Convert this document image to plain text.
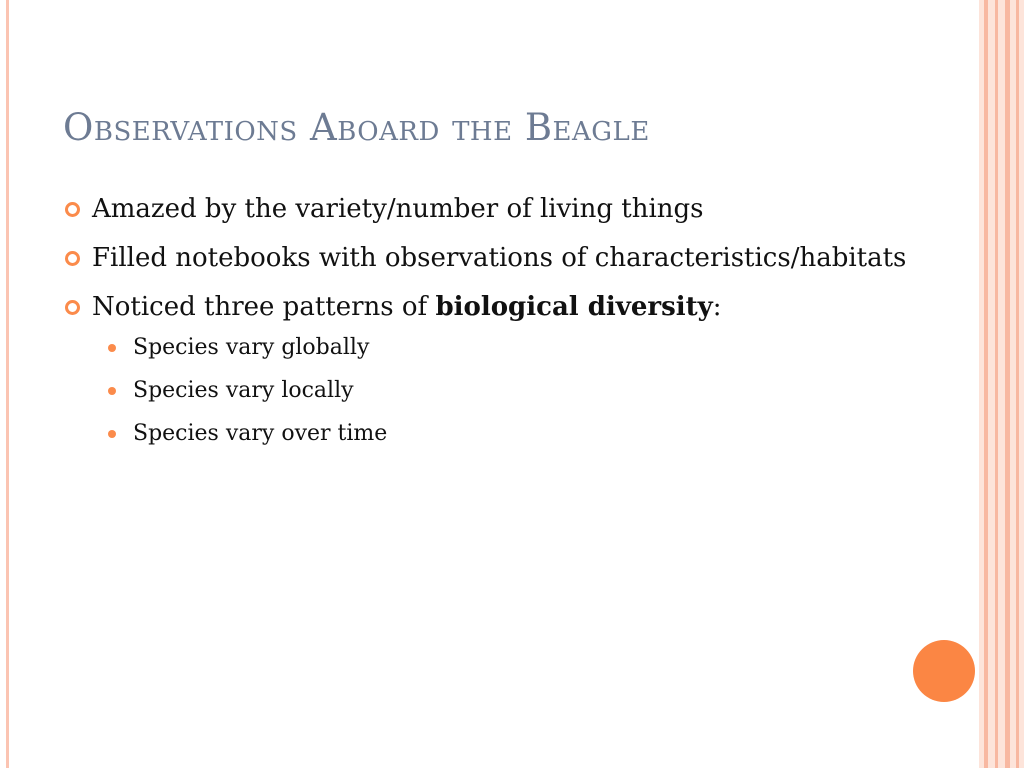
Observations Aboard the Beagle
Amazed by the variety/number of living things
Filled notebooks with observations of characteristics/habitats
Noticed three patterns of biological diversity:
Species vary globally
Species vary locally
Species vary over time
